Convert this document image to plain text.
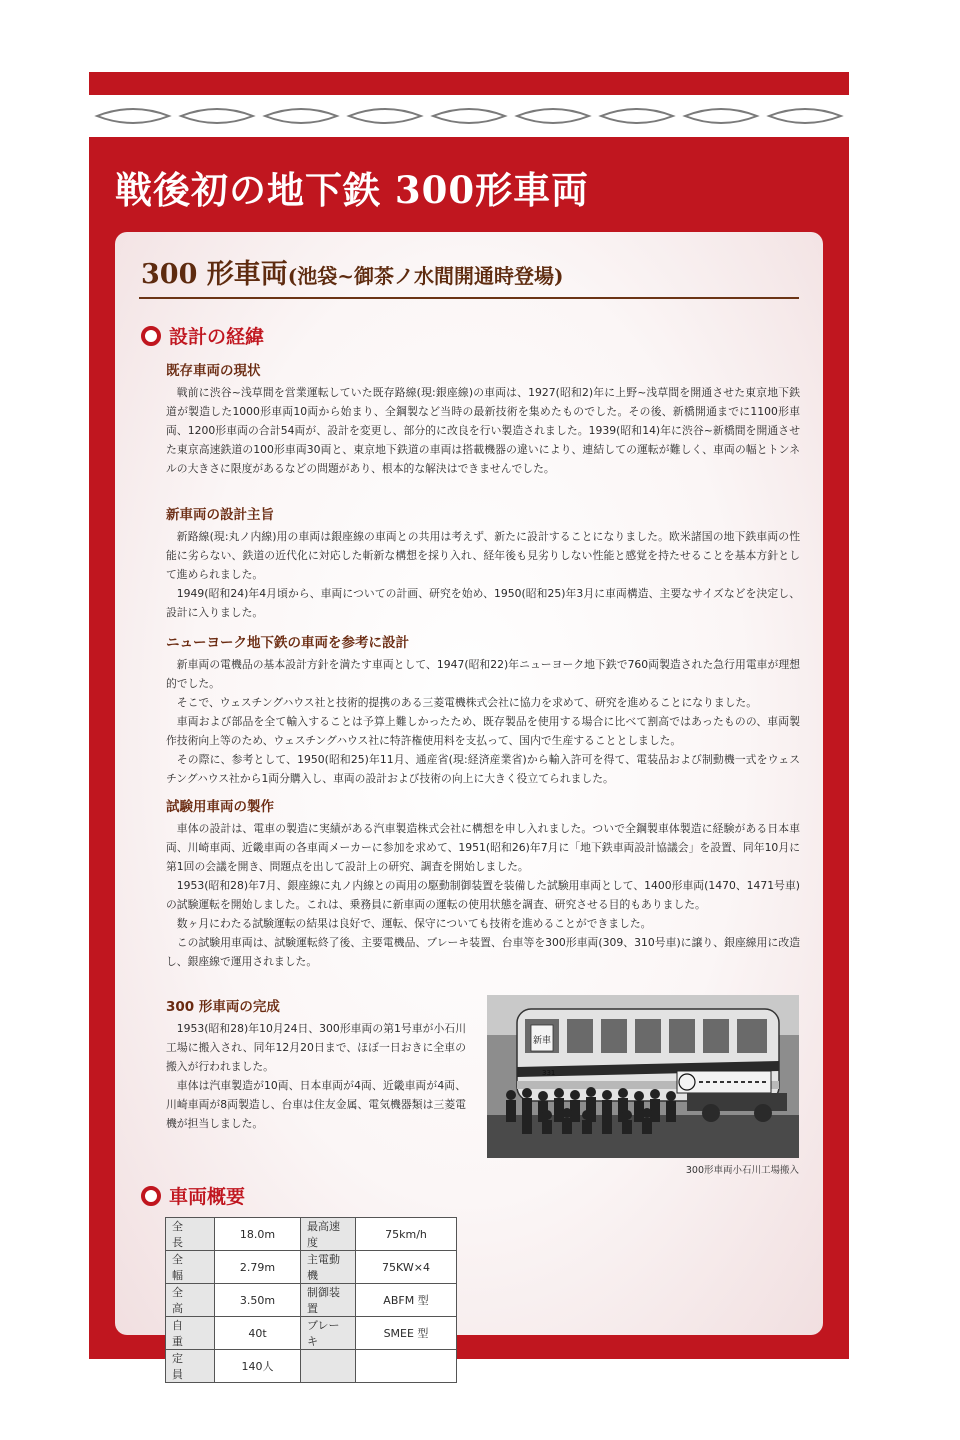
戦後初の地下鉄 300形車両
300 形車両(池袋~御茶ノ水間開通時登場)
設計の経緯
既存車両の現状

戦前に渋谷~浅草間を営業運転していた既存路線(現:銀座線)の車両は、1927(昭和2)年に上野~浅草間を開通させた東京地下鉄道が製造した1000形車両10両から始まり、全鋼製など当時の最新技術を集めたものでした。その後、新橋開通までに1100形車両、1200形車両の合計54両が、設計を変更し、部分的に改良を行い製造されました。1939(昭和14)年に渋谷~新橋間を開通させた東京高速鉄道の100形車両30両と、東京地下鉄道の車両は搭載機器の違いにより、連結しての運転が難しく、車両の幅とトンネルの大きさに限度があるなどの問題があり、根本的な解決はできませんでした。

新車両の設計主旨

新路線(現:丸ノ内線)用の車両は銀座線の車両との共用は考えず、新たに設計することになりました。欧米諸国の地下鉄車両の性能に劣らない、鉄道の近代化に対応した斬新な構想を採り入れ、経年後も見劣りしない性能と感覚を持たせることを基本方針として進められました。

1949(昭和24)年4月頃から、車両についての計画、研究を始め、1950(昭和25)年3月に車両構造、主要なサイズなどを決定し、設計に入りました。

ニューヨーク地下鉄の車両を参考に設計

新車両の電機品の基本設計方針を満たす車両として、1947(昭和22)年ニューヨーク地下鉄で760両製造された急行用電車が理想的でした。

そこで、ウェスチングハウス社と技術的提携のある三菱電機株式会社に協力を求めて、研究を進めることになりました。

車両および部品を全て輸入することは予算上難しかったため、既存製品を使用する場合に比べて割高ではあったものの、車両製作技術向上等のため、ウェスチングハウス社に特許権使用料を支払って、国内で生産することとしました。

その際に、参考として、1950(昭和25)年11月、通産省(現:経済産業省)から輸入許可を得て、電装品および制動機一式をウェスチングハウス社から1両分購入し、車両の設計および技術の向上に大きく役立てられました。

試験用車両の製作

車体の設計は、電車の製造に実績がある汽車製造株式会社に構想を申し入れました。ついで全鋼製車体製造に経験がある日本車両、川崎車両、近畿車両の各車両メーカーに参加を求めて、1951(昭和26)年7月に「地下鉄車両設計協議会」を設置、同年10月に第1回の会議を開き、問題点を出して設計上の研究、調査を開始しました。

1953(昭和28)年7月、銀座線に丸ノ内線との両用の駆動制御装置を装備した試験用車両として、1400形車両(1470、1471号車)の試験運転を開始しました。これは、乗務員に新車両の運転の使用状態を調査、研究させる目的もありました。

数ヶ月にわたる試験運転の結果は良好で、運転、保守についても技術を進めることができました。

この試験用車両は、試験運転終了後、主要電機品、ブレーキ装置、台車等を300形車両(309、310号車)に譲り、銀座線用に改造し、銀座線で運用されました。

300 形車両の完成

1953(昭和28)年10月24日、300形車両の第1号車が小石川工場に搬入され、同年12月20日まで、ほぼ一日おきに全車の搬入が行われました。

車体は汽車製造が10両、日本車両が4両、近畿車両が4両、川崎車両が8両製造し、台車は住友金属、電気機器類は三菱電機が担当しました。

新車
331
300形車両小石川工場搬入
車両概要
全長	18.0m	最高速度	75km/h
全幅	2.79m	主電動機	75KW×4
全高	3.50m	制御装置	ABFM 型
自重	40t	ブレーキ	SMEE 型
定員	140人		
